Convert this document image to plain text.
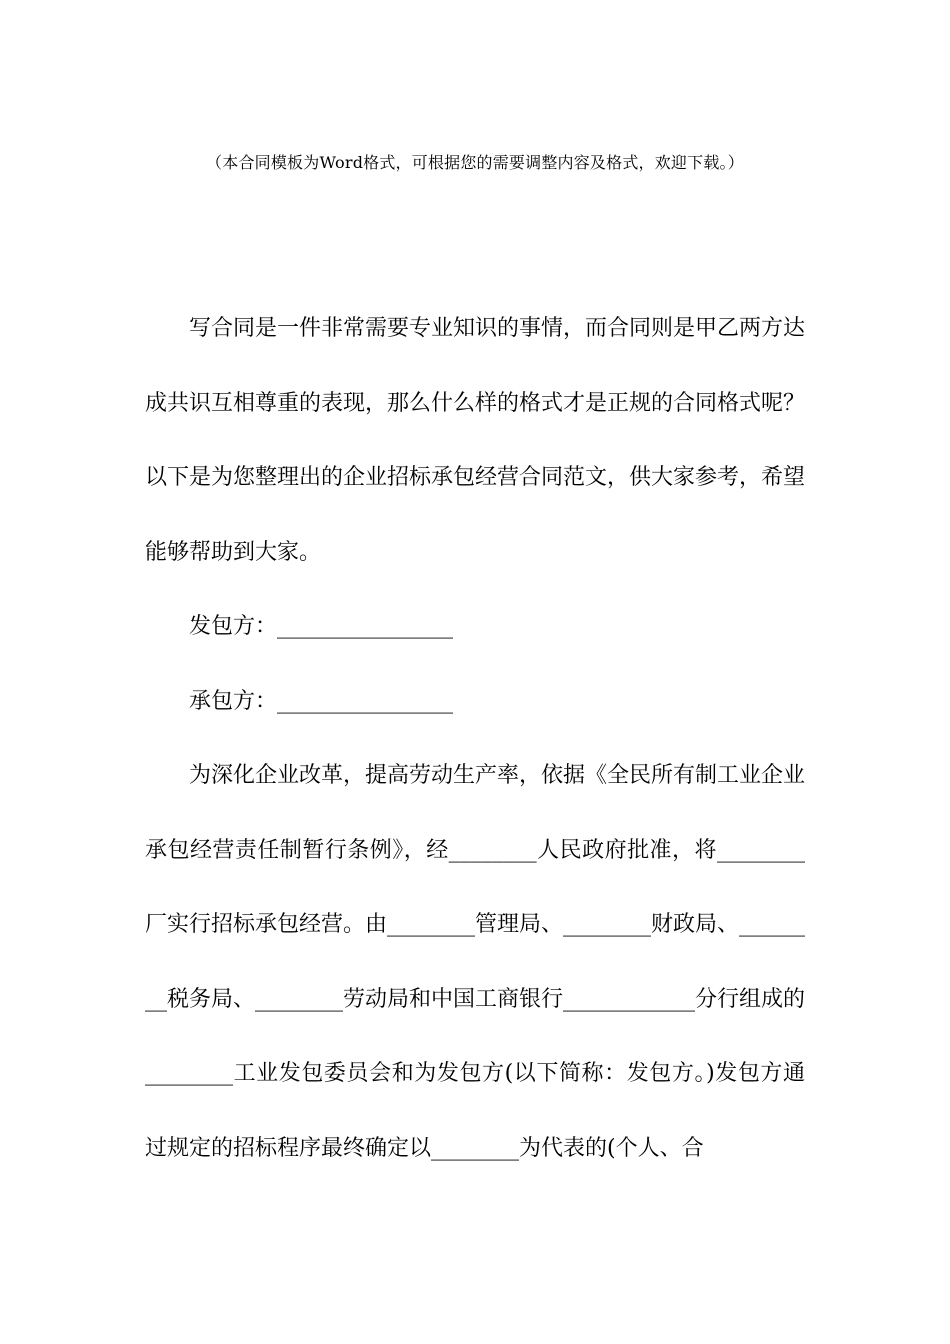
（本合同模板为Word格式，可根据您的需要调整内容及格式，欢迎下载。）

写合同是一件非常需要专业知识的事情，而合同则是甲乙两方达成共识互相尊重的表现，那么什么样的格式才是正规的合同格式呢？以下是为您整理出的企业招标承包经营合同范文，供大家参考，希望能够帮助到大家。

发包方：________________

承包方：________________

为深化企业改革，提高劳动生产率，依据《全民所有制工业企业承包经营责任制暂行条例》，经________人民政府批准，将________厂实行招标承包经营。由________管理局、________财政局、________税务局、________劳动局和中国工商银行____________分行组成的________工业发包委员会和为发包方(以下简称：发包方。)发包方通过规定的招标程序最终确定以________为代表的(个人、合
